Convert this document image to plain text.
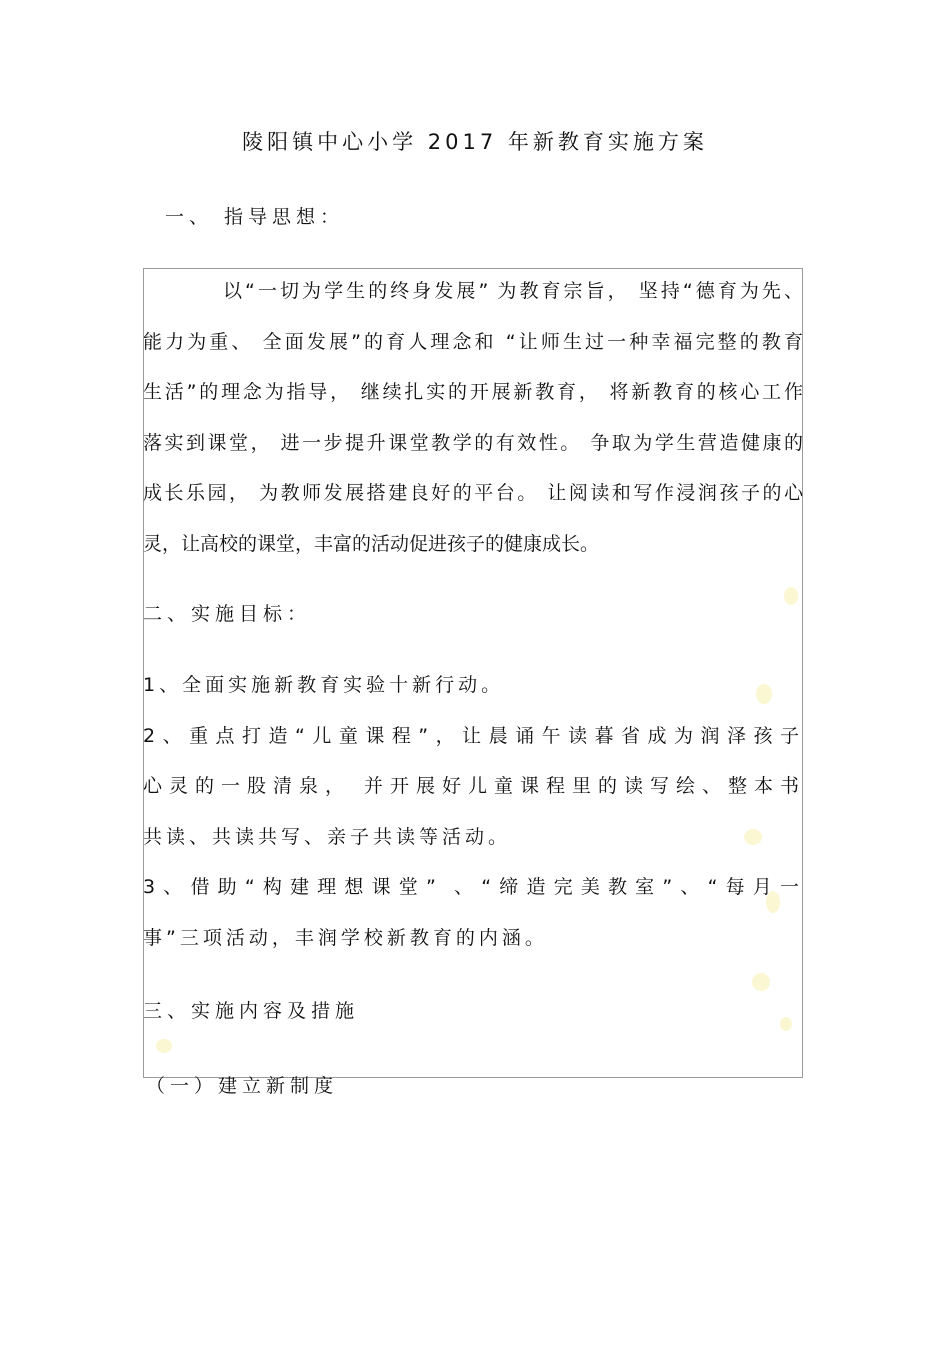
陵阳镇中心小学 2017 年新教育实施方案
一、 指导思想：
以“一切为学生的终身发展” 为教育宗旨， 坚持“德育为先、
能力为重、 全面发展”的育人理念和 “让师生过一种幸福完整的教育
生活”的理念为指导， 继续扎实的开展新教育， 将新教育的核心工作
落实到课堂， 进一步提升课堂教学的有效性。 争取为学生营造健康的
成长乐园， 为教师发展搭建良好的平台。 让阅读和写作浸润孩子的心
灵，让高校的课堂，丰富的活动促进孩子的健康成长。
二、实施目标：
1、全面实施新教育实验十新行动。
2、重点打造“儿童课程”，让晨诵午读暮省成为润泽孩子
心灵的一股清泉， 并开展好儿童课程里的读写绘、整本书
共读、共读共写、亲子共读等活动。
3、借助“构建理想课堂” 、“缔造完美教室”、“每月一
事”三项活动，丰润学校新教育的内涵。
三、实施内容及措施
（一）建立新制度
